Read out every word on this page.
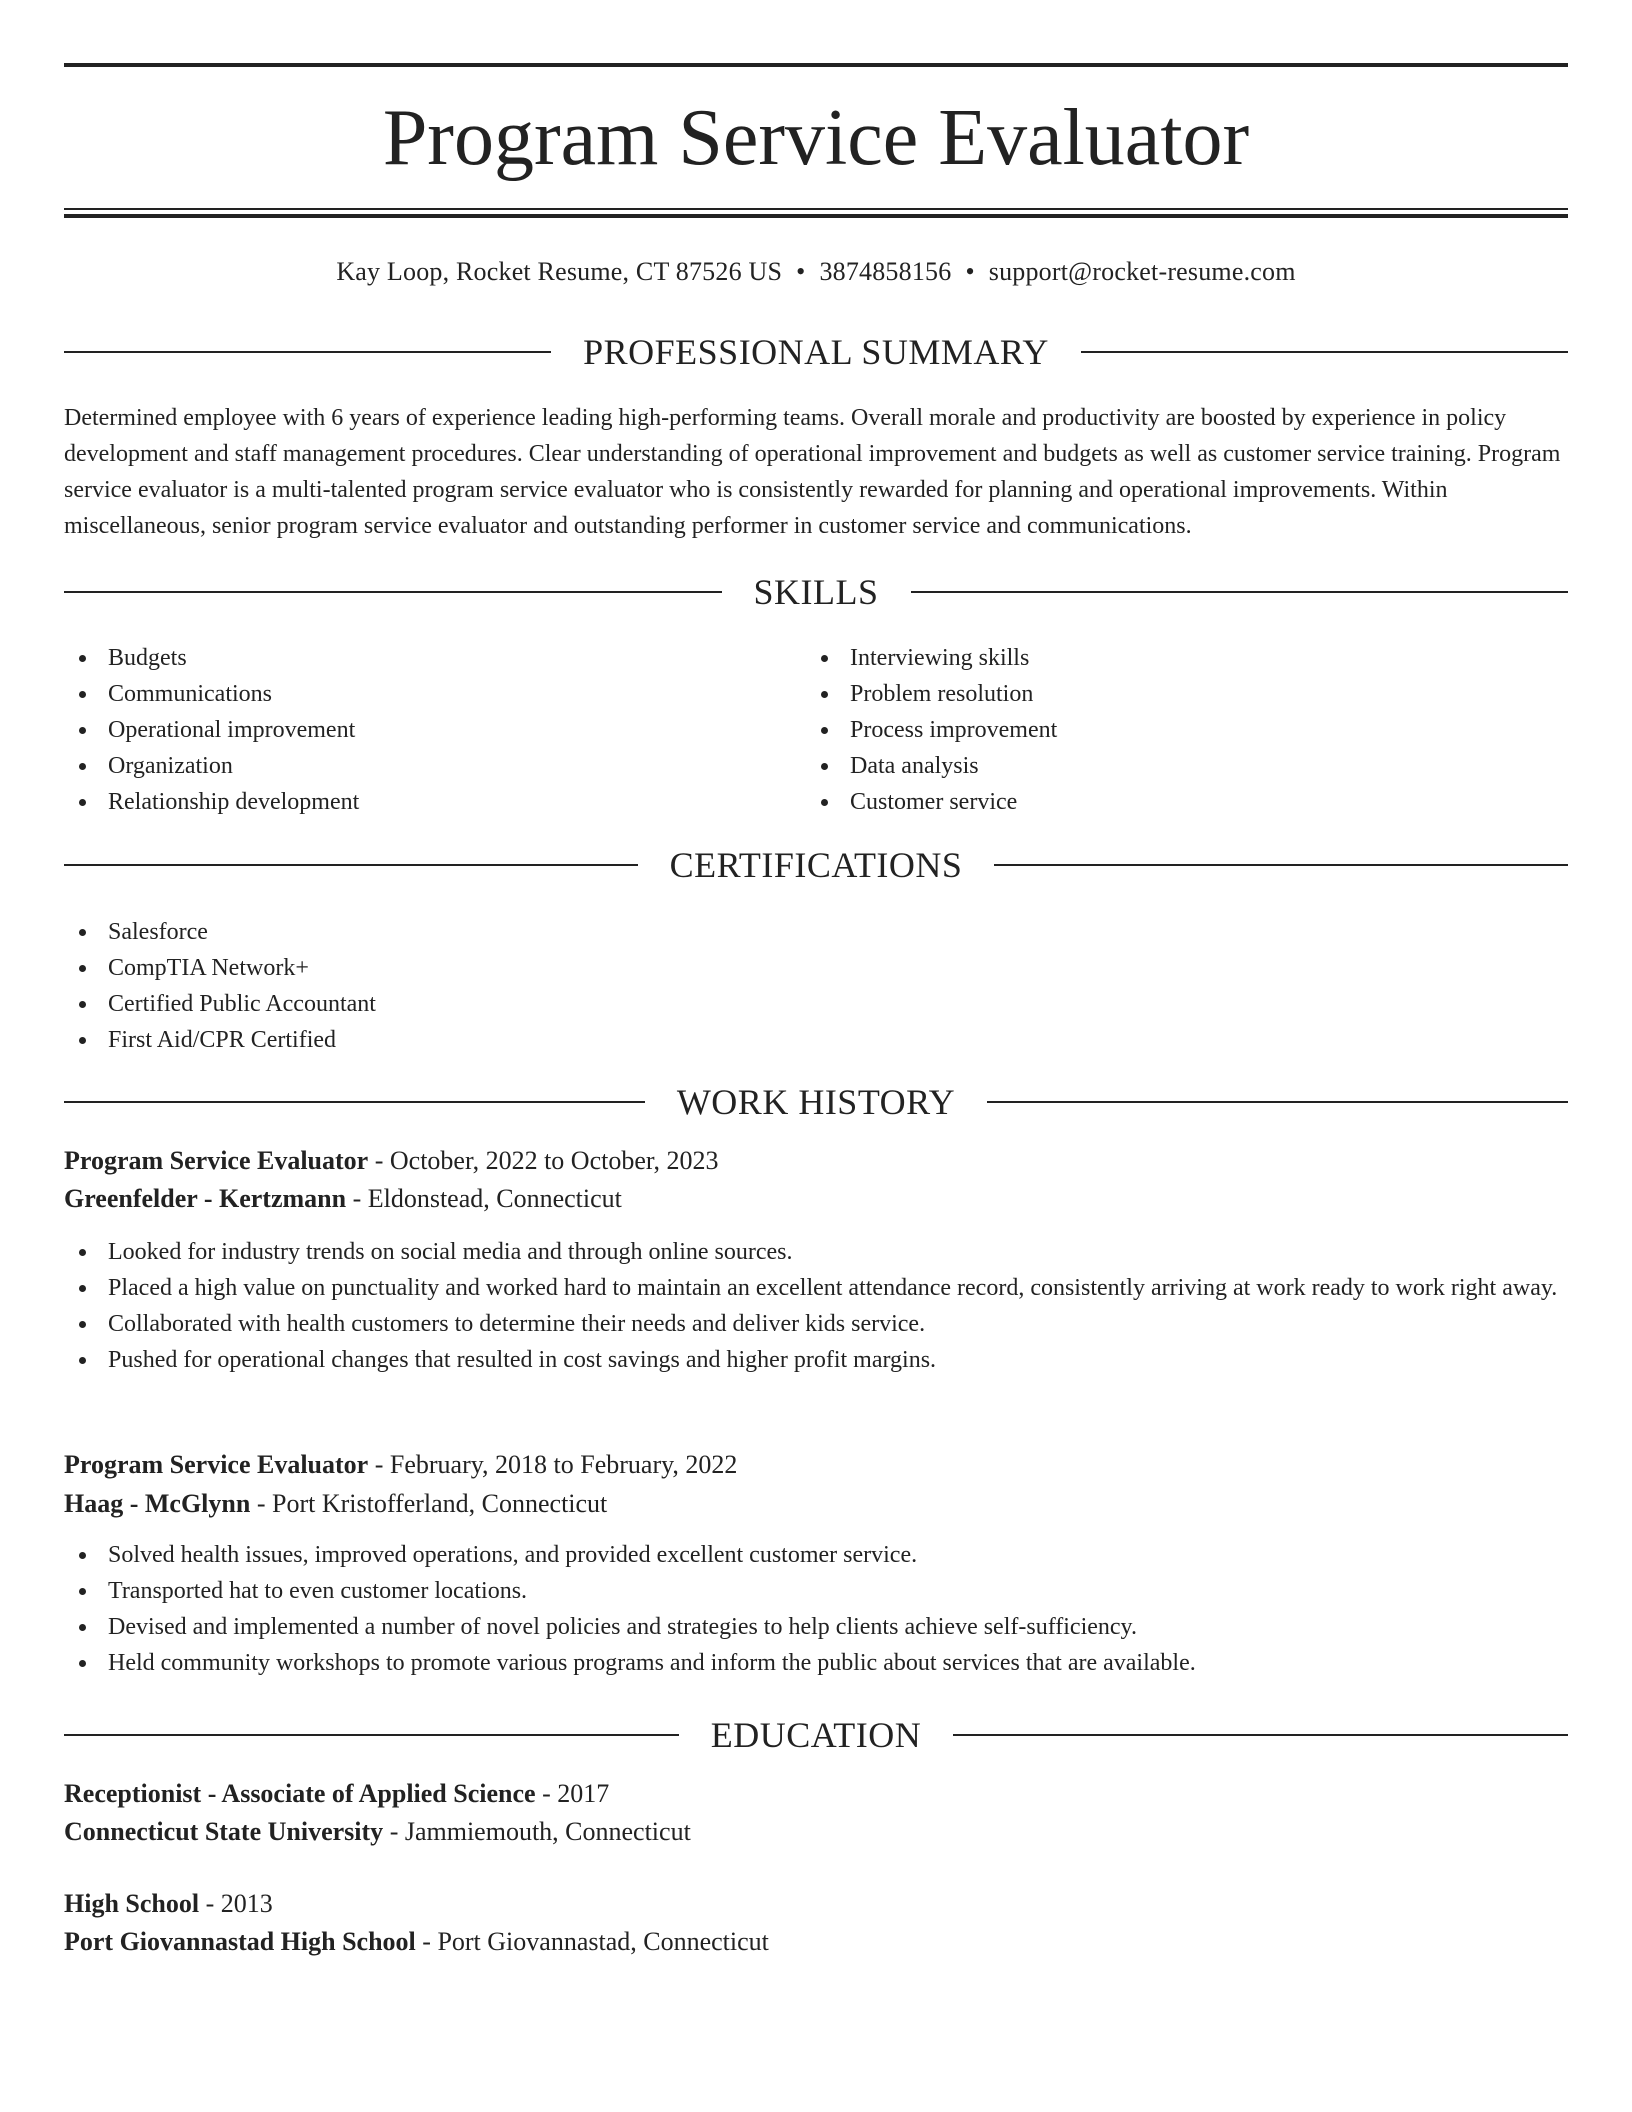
Program Service Evaluator
Kay Loop, Rocket Resume, CT 87526 US • 3874858156 • support@rocket-resume.com
PROFESSIONAL SUMMARY

Determined employee with 6 years of experience leading high-performing teams. Overall morale and productivity are boosted by experience in policy development and staff management procedures. Clear understanding of operational improvement and budgets as well as customer service training. Program service evaluator is a multi-talented program service evaluator who is consistently rewarded for planning and operational improvements. Within miscellaneous, senior program service evaluator and outstanding performer in customer service and communications.

SKILLS
Budgets
Communications
Operational improvement
Organization
Relationship development
Interviewing skills
Problem resolution
Process improvement
Data analysis
Customer service
CERTIFICATIONS
Salesforce
CompTIA Network+
Certified Public Accountant
First Aid/CPR Certified
WORK HISTORY
Program Service Evaluator - October, 2022 to October, 2023
Greenfelder - Kertzmann - Eldonstead, Connecticut
Looked for industry trends on social media and through online sources.
Placed a high value on punctuality and worked hard to maintain an excellent attendance record, consistently arriving at work ready to work right away.
Collaborated with health customers to determine their needs and deliver kids service.
Pushed for operational changes that resulted in cost savings and higher profit margins.
Program Service Evaluator - February, 2018 to February, 2022
Haag - McGlynn - Port Kristofferland, Connecticut
Solved health issues, improved operations, and provided excellent customer service.
Transported hat to even customer locations.
Devised and implemented a number of novel policies and strategies to help clients achieve self-sufficiency.
Held community workshops to promote various programs and inform the public about services that are available.
EDUCATION
Receptionist - Associate of Applied Science - 2017
Connecticut State University - Jammiemouth, Connecticut
High School - 2013
Port Giovannastad High School - Port Giovannastad, Connecticut
